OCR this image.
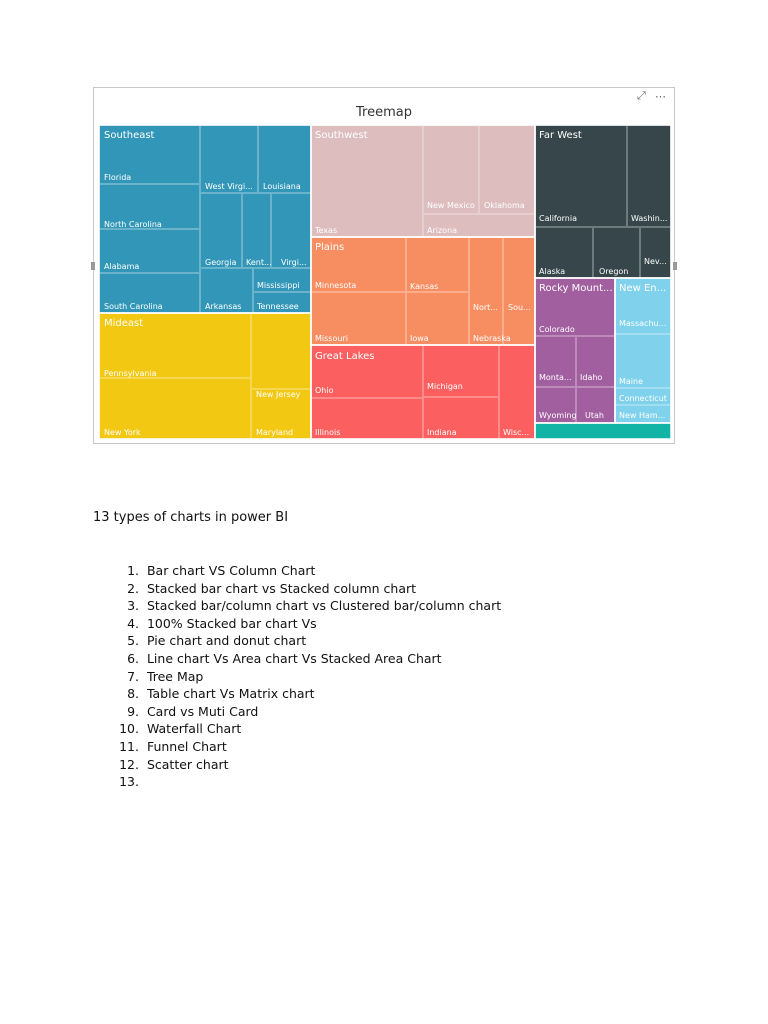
Treemap
⤢ ⋯
Florida
North Carolina
Alabama
South Carolina
West Virgi... Louisiana
Georgia Kent... Virgi...
Mississippi
Arkansas Tennessee
Texas
New Mexico Oklahoma
Arizona
California	Washin...
Alaska	Oregon
Nev...
Minnesota	Kansas
Missouri	Iowa
Nort... Sou...
Nebraska
Colorado
Monta... Idaho
Wyoming Utah
Massachu...
Maine
Connecticut
New Ham...
Pennsylvania
New York
New Jersey
Maryland
Ohio	Michigan
Illinois	Indiana	Wisc...
Southeast	Southwest	Far West
Plains
Rocky Mount... New En...
Mideast
Great Lakes
13 types of charts in power BI
1. Bar chart VS Column Chart
2. Stacked bar chart vs Stacked column chart
3. Stacked bar/column chart vs Clustered bar/column chart
4. 100% Stacked bar chart Vs
5. Pie chart and donut chart
6. Line chart Vs Area chart Vs Stacked Area Chart
7. Tree Map
8. Table chart Vs Matrix chart
9. Card vs Muti Card
10. Waterfall Chart
11. Funnel Chart
12. Scatter chart
13.
